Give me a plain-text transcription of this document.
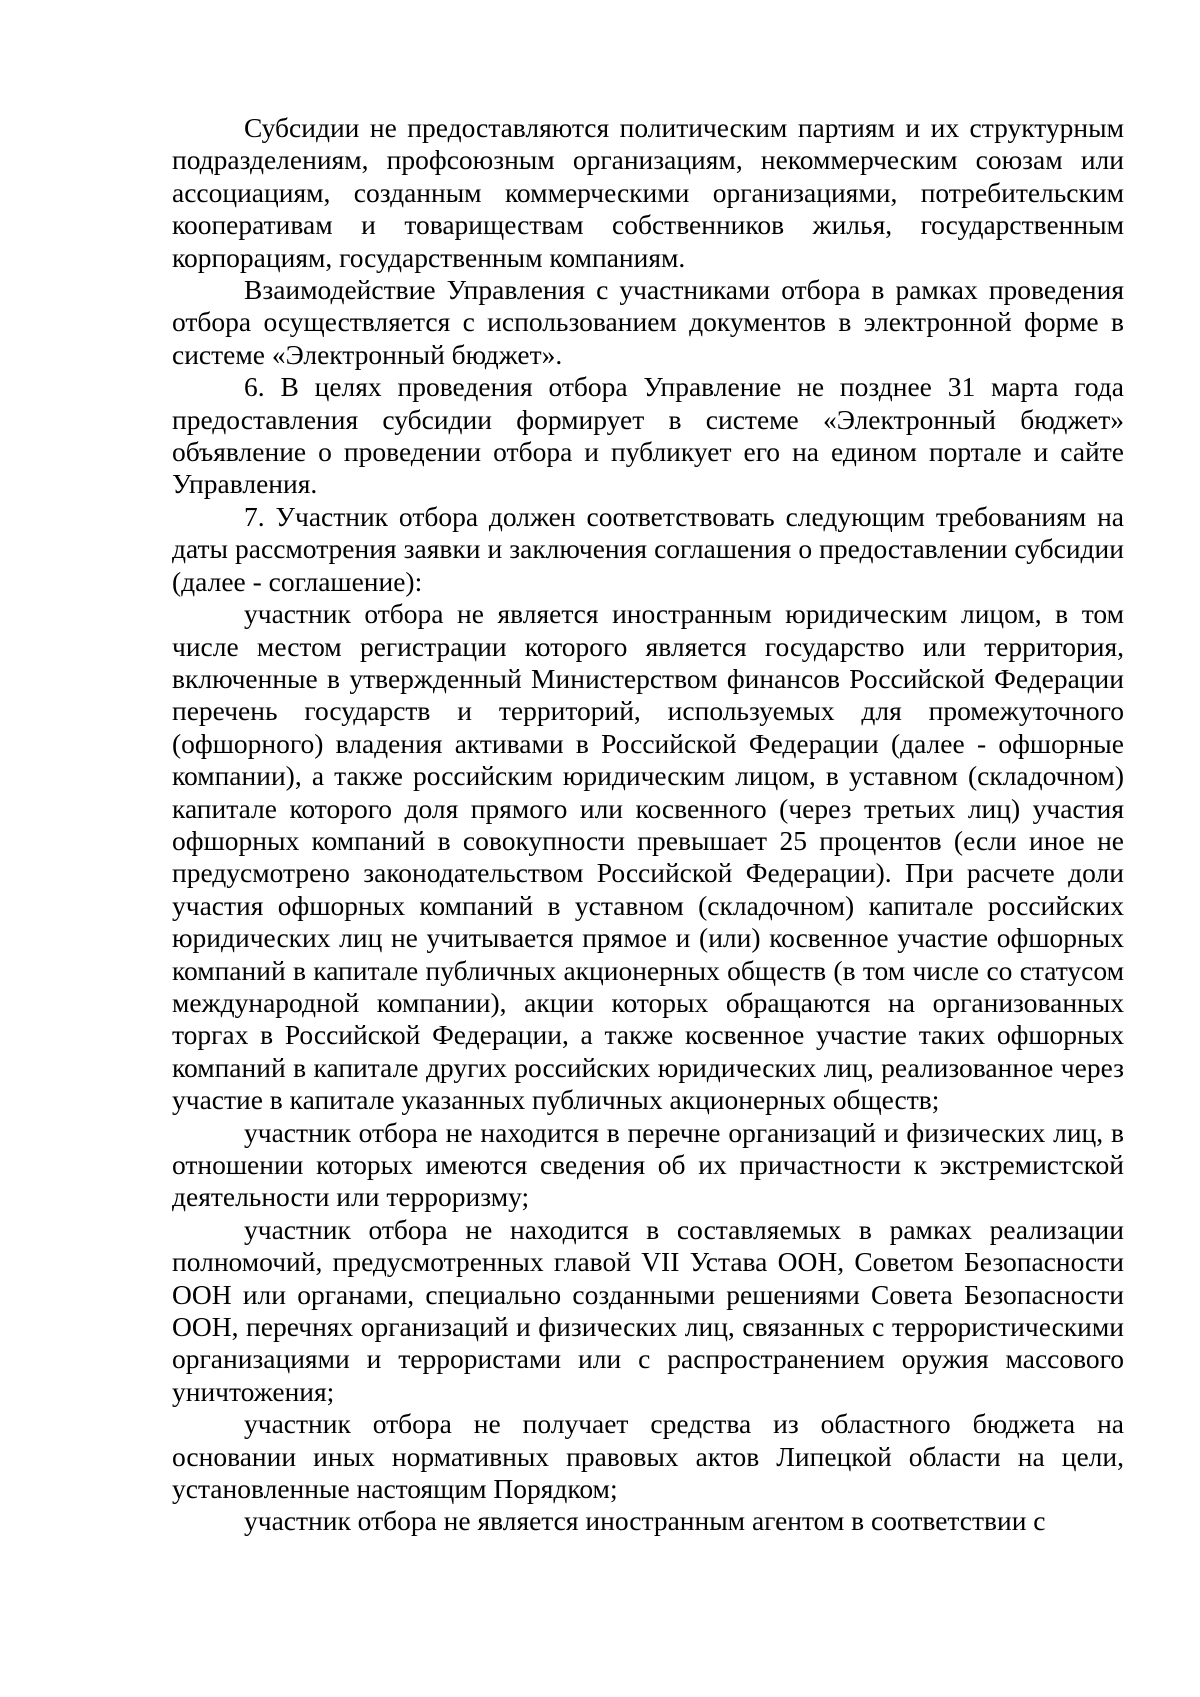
Субсидии не предоставляются политическим партиям и их структурным подразделениям, профсоюзным организациям, некоммерческим союзам или ассоциациям, созданным коммерческими организациями, потребительским кооперативам и товариществам собственников жилья, государственным корпорациям, государственным компаниям.

Взаимодействие Управления с участниками отбора в рамках проведения отбора осуществляется с использованием документов в электронной форме в системе «Электронный бюджет».

6. В целях проведения отбора Управление не позднее 31 марта года предоставления субсидии формирует в системе «Электронный бюджет» объявление о проведении отбора и публикует его на едином портале и сайте Управления.

7. Участник отбора должен соответствовать следующим требованиям на даты рассмотрения заявки и заключения соглашения о предоставлении субсидии (далее - соглашение):

участник отбора не является иностранным юридическим лицом, в том числе местом регистрации которого является государство или территория, включенные в утвержденный Министерством финансов Российской Федерации перечень государств и территорий, используемых для промежуточного (офшорного) владения активами в Российской Федерации (далее - офшорные компании), а также российским юридическим лицом, в уставном (складочном) капитале которого доля прямого или косвенного (через третьих лиц) участия офшорных компаний в совокупности превышает 25 процентов (если иное не предусмотрено законодательством Российской Федерации). При расчете доли участия офшорных компаний в уставном (складочном) капитале российских юридических лиц не учитывается прямое и (или) косвенное участие офшорных компаний в капитале публичных акционерных обществ (в том числе со статусом международной компании), акции которых обращаются на организованных торгах в Российской Федерации, а также косвенное участие таких офшорных компаний в капитале других российских юридических лиц, реализованное через участие в капитале указанных публичных акционерных обществ;

участник отбора не находится в перечне организаций и физических лиц, в отношении которых имеются сведения об их причастности к экстремистской деятельности или терроризму;

участник отбора не находится в составляемых в рамках реализации полномочий, предусмотренных главой VII Устава ООН, Советом Безопасности ООН или органами, специально созданными решениями Совета Безопасности ООН, перечнях организаций и физических лиц, связанных с террористическими организациями и террористами или с распространением оружия массового уничтожения;

участник отбора не получает средства из областного бюджета на основании иных нормативных правовых актов Липецкой области на цели, установленные настоящим Порядком;

участник отбора не является иностранным агентом в соответствии с
